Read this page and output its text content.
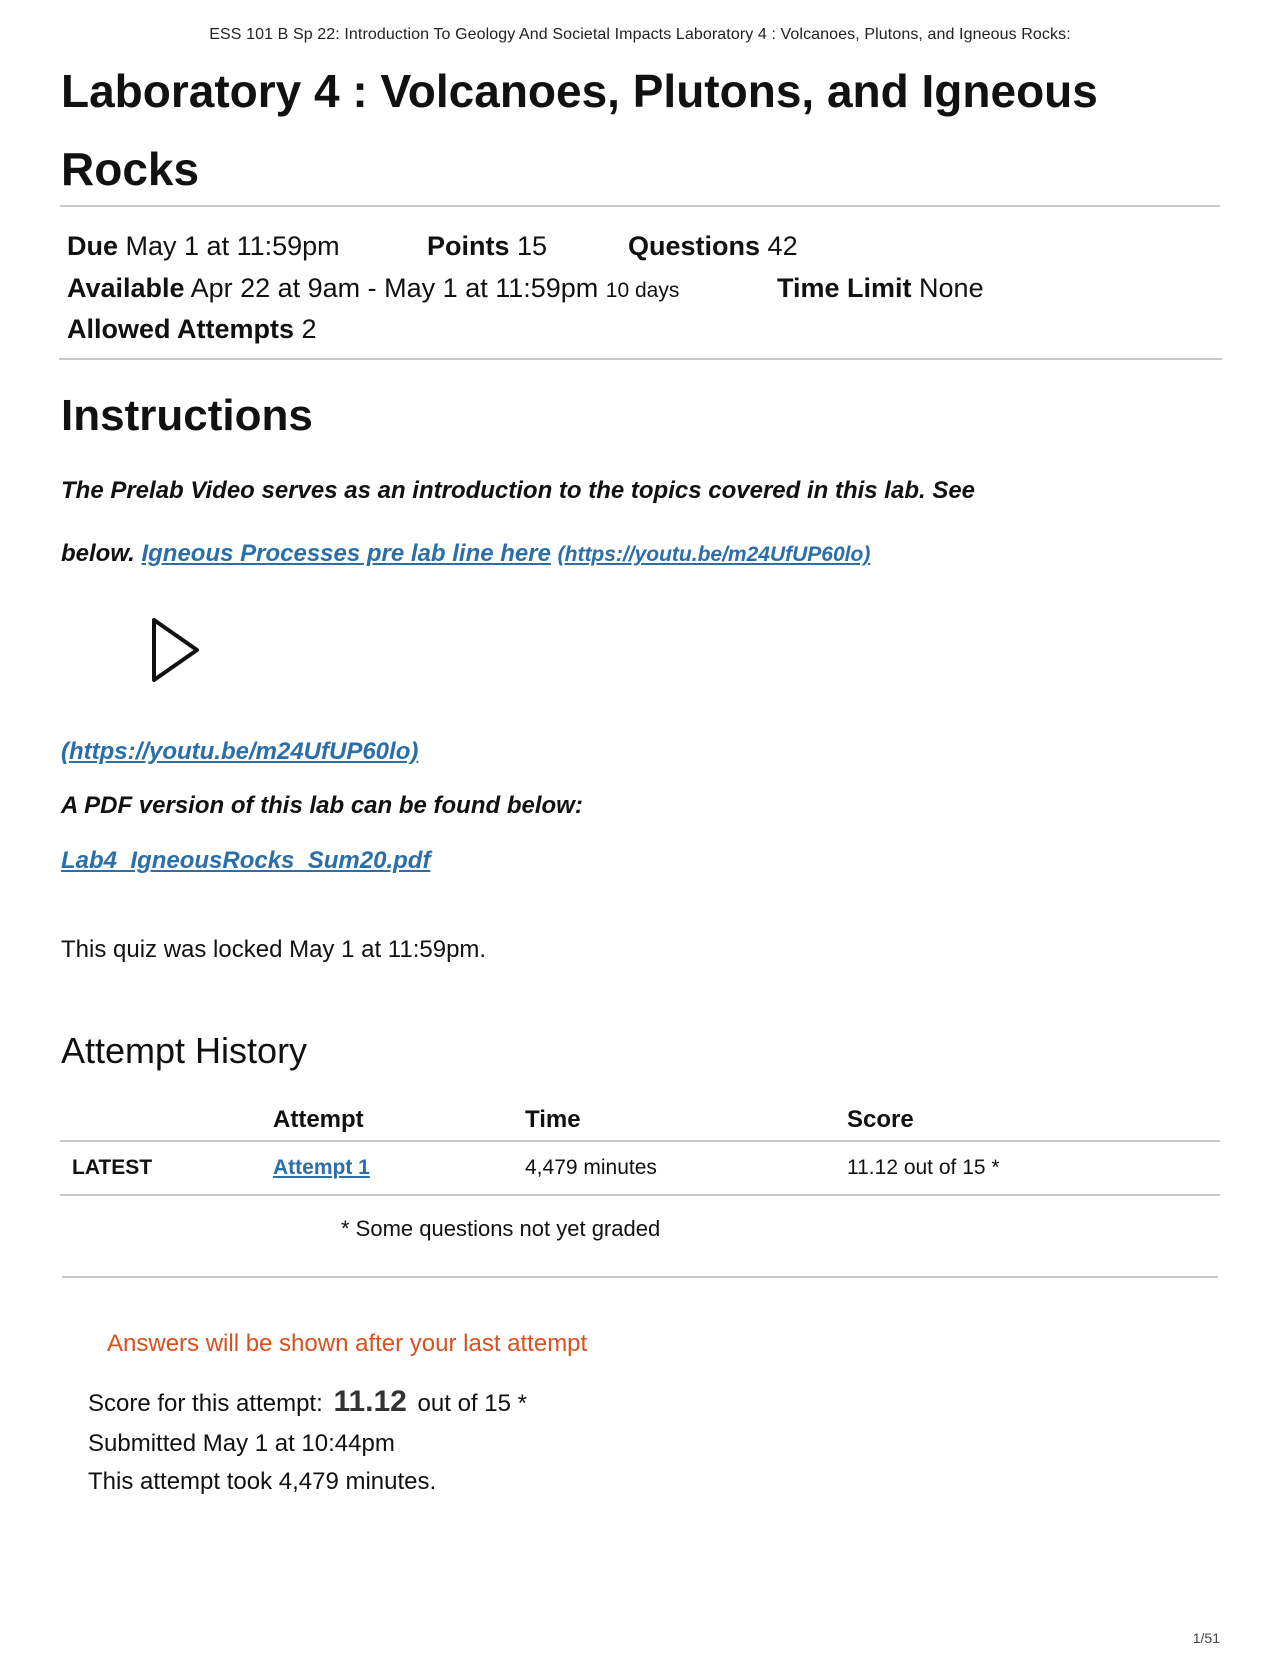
ESS 101 B Sp 22: Introduction To Geology And Societal Impacts Laboratory 4 : Volcanoes, Plutons, and Igneous Rocks:
Laboratory 4 : Volcanoes, Plutons, and Igneous Rocks
Due May 1 at 11:59pm	Points 15	Questions 42
Available Apr 22 at 9am - May 1 at 11:59pm 10 days	Time Limit None
Allowed Attempts 2
Instructions
The Prelab Video serves as an introduction to the topics covered in this lab. See
below. Igneous Processes pre lab line here (https://youtu.be/m24UfUP60lo)
(https://youtu.be/m24UfUP60lo)
A PDF version of this lab can be found below:
Lab4_IgneousRocks_Sum20.pdf
This quiz was locked May 1 at 11:59pm.
Attempt History
	Attempt	Time	Score
LATEST	Attempt 1	4,479 minutes	11.12 out of 15 *
* Some questions not yet graded
Answers will be shown after your last attempt
Score for this attempt: 11.12 out of 15 *
Submitted May 1 at 10:44pm
This attempt took 4,479 minutes.
1/51
